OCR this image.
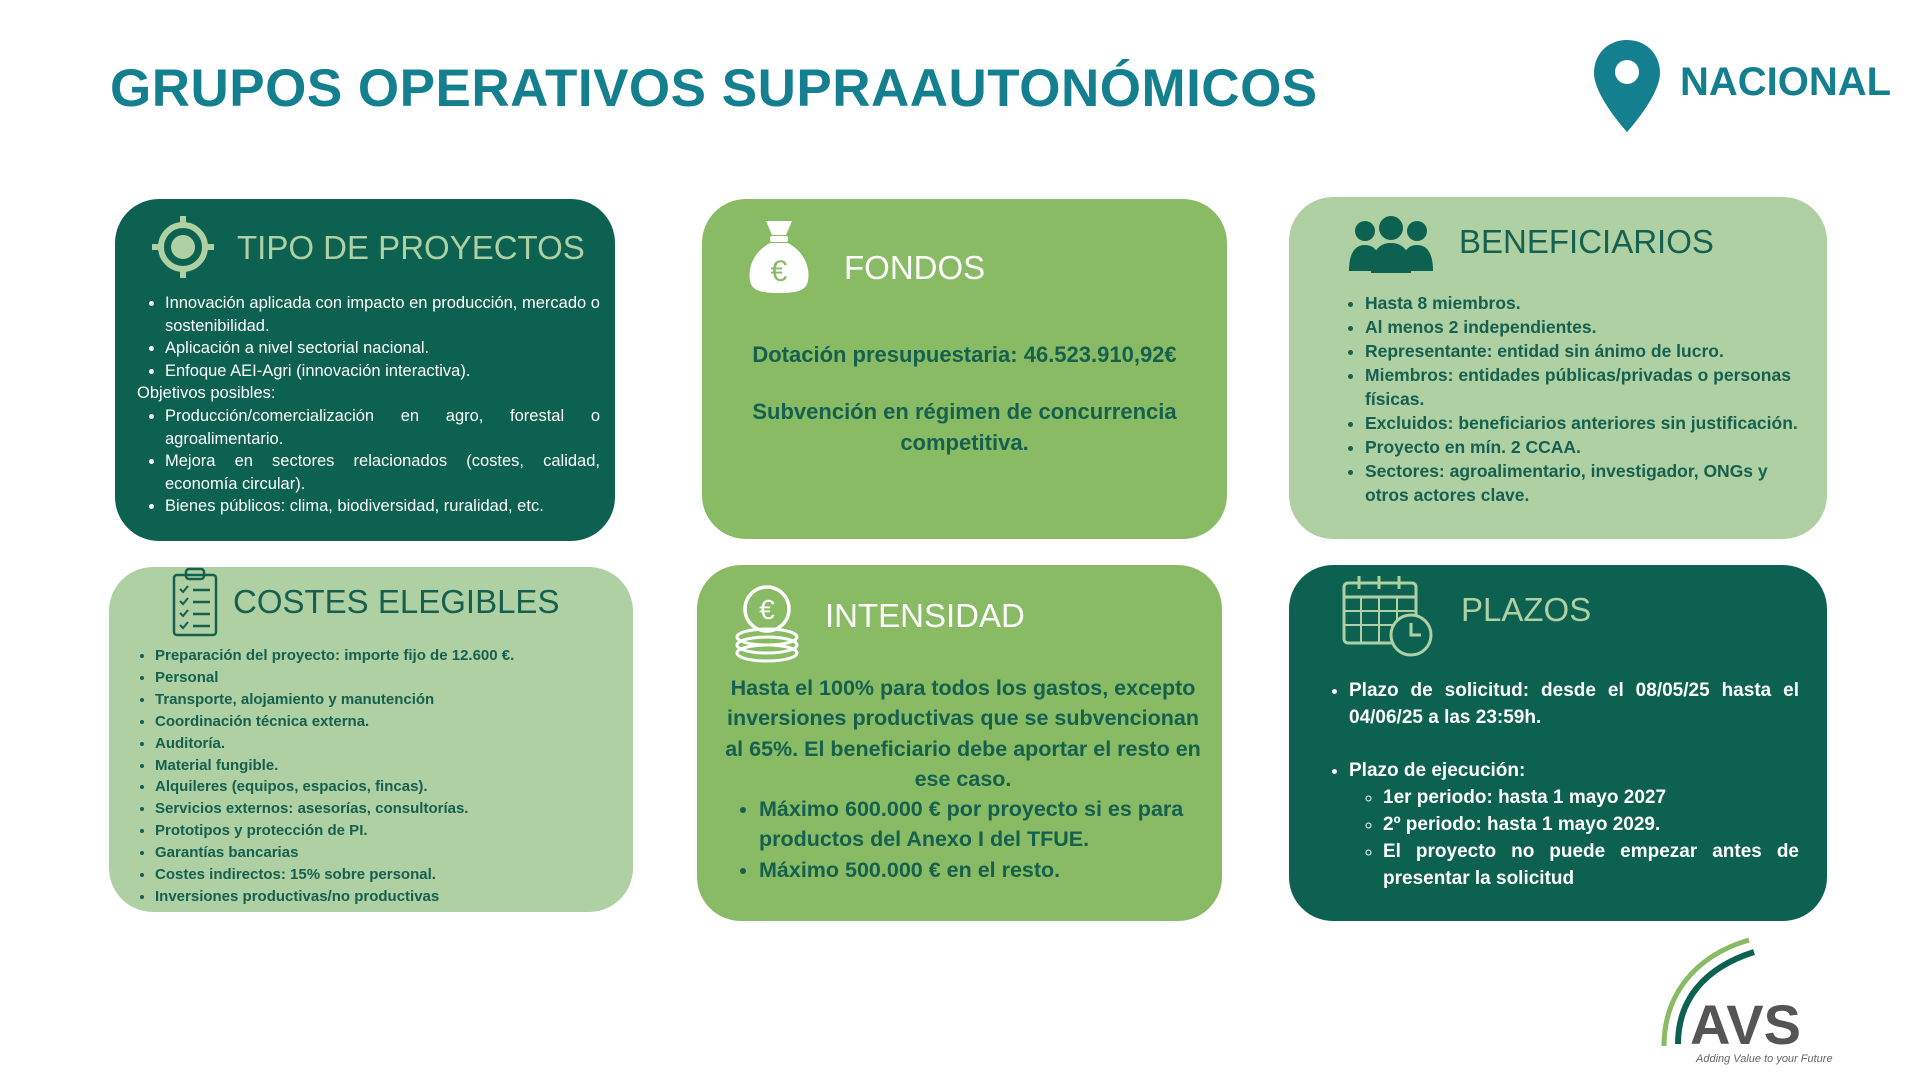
GRUPOS OPERATIVOS SUPRAAUTONÓMICOS	NACIONAL
TIPO DE PROYECTOS
• Innovación aplicada con impacto en producción, mercado o sostenibilidad.
• Aplicación a nivel sectorial nacional.
• Enfoque AEI-Agri (innovación interactiva).
Objetivos posibles:
• Producción/comercialización en agro, forestal o agroalimentario.
• Mejora en sectores relacionados (costes, calidad, economía circular).
• Bienes públicos: clima, biodiversidad, ruralidad, etc.
€ FONDOS
Dotación presupuestaria: 46.523.910,92€
Subvención en régimen de concurrencia competitiva.
BENEFICIARIOS
• Hasta 8 miembros.
• Al menos 2 independientes.
• Representante: entidad sin ánimo de lucro.
• Miembros: entidades públicas/privadas o personas físicas.
• Excluidos: beneficiarios anteriores sin justificación.
• Proyecto en mín. 2 CCAA.
• Sectores: agroalimentario, investigador, ONGs y otros actores clave.
COSTES ELEGIBLES
• Preparación del proyecto: importe fijo de 12.600 €.
• Personal
• Transporte, alojamiento y manutención
• Coordinación técnica externa.
• Auditoría.
• Material fungible.
• Alquileres (equipos, espacios, fincas).
• Servicios externos: asesorías, consultorías.
• Prototipos y protección de PI.
• Garantías bancarias
• Costes indirectos: 15% sobre personal.
• Inversiones productivas/no productivas
€ INTENSIDAD
Hasta el 100% para todos los gastos, excepto inversiones productivas que se subvencionan al 65%. El beneficiario debe aportar el resto en ese caso.
• Máximo 600.000 € por proyecto si es para productos del Anexo I del TFUE.
• Máximo 500.000 € en el resto.
PLAZOS
• Plazo de solicitud: desde el 08/05/25 hasta el 04/06/25 a las 23:59h.
• Plazo de ejecución:
◦ 1er periodo: hasta 1 mayo 2027
◦ 2º periodo: hasta 1 mayo 2029.
◦ El proyecto no puede empezar antes de presentar la solicitud
AVS
Adding Value to your Future
